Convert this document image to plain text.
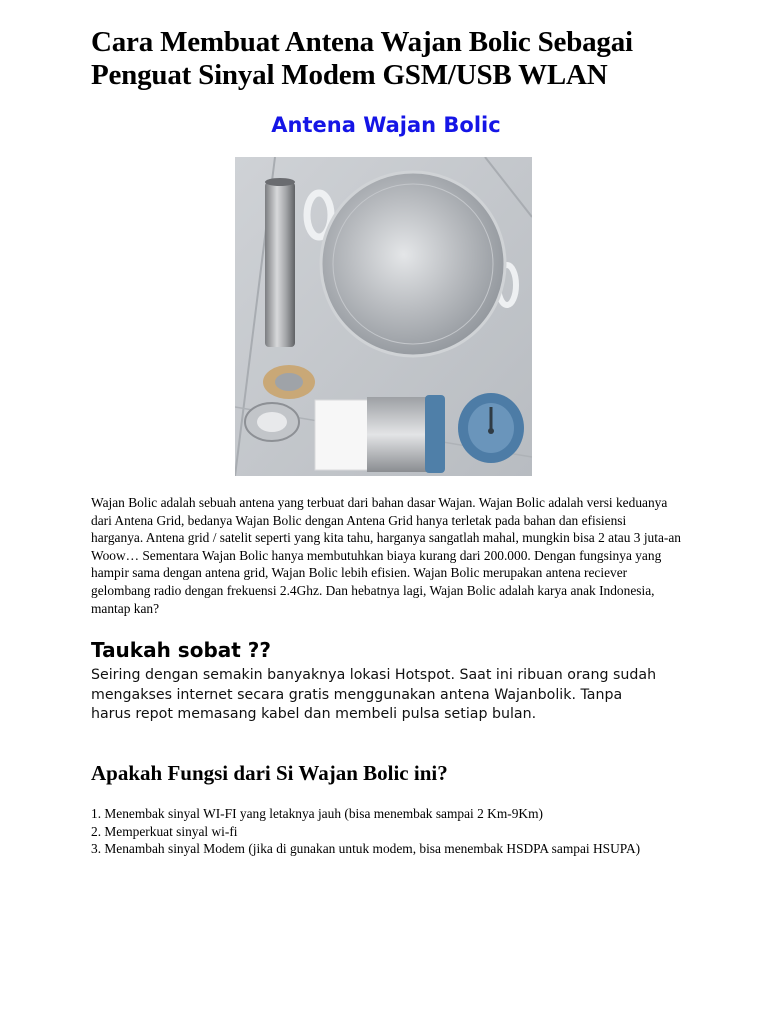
Cara Membuat Antena Wajan Bolic Sebagai Penguat Sinyal Modem GSM/USB WLAN
Antena Wajan Bolic

Wajan Bolic adalah sebuah antena yang terbuat dari bahan dasar Wajan. Wajan Bolic adalah versi keduanya dari Antena Grid, bedanya Wajan Bolic dengan Antena Grid hanya terletak pada bahan dan efisiensi harganya. Antena grid / satelit seperti yang kita tahu, harganya sangatlah mahal, mungkin bisa 2 atau 3 juta-an Woow… Sementara Wajan Bolic hanya membutuhkan biaya kurang dari 200.000. Dengan fungsinya yang hampir sama dengan antena grid, Wajan Bolic lebih efisien. Wajan Bolic merupakan antena reciever gelombang radio dengan frekuensi 2.4Ghz. Dan hebatnya lagi, Wajan Bolic adalah karya anak Indonesia, mantap kan?

Taukah sobat ??

Seiring dengan semakin banyaknya lokasi Hotspot. Saat ini ribuan orang sudah mengakses internet secara gratis menggunakan antena Wajanbolik. Tanpa harus repot memasang kabel dan membeli pulsa setiap bulan.

Apakah Fungsi dari Si Wajan Bolic ini?
1. Menembak sinyal WI-FI yang letaknya jauh (bisa menembak sampai 2 Km-9Km)
2. Memperkuat sinyal wi-fi
3. Menambah sinyal Modem (jika di gunakan untuk modem, bisa menembak HSDPA sampai HSUPA)
